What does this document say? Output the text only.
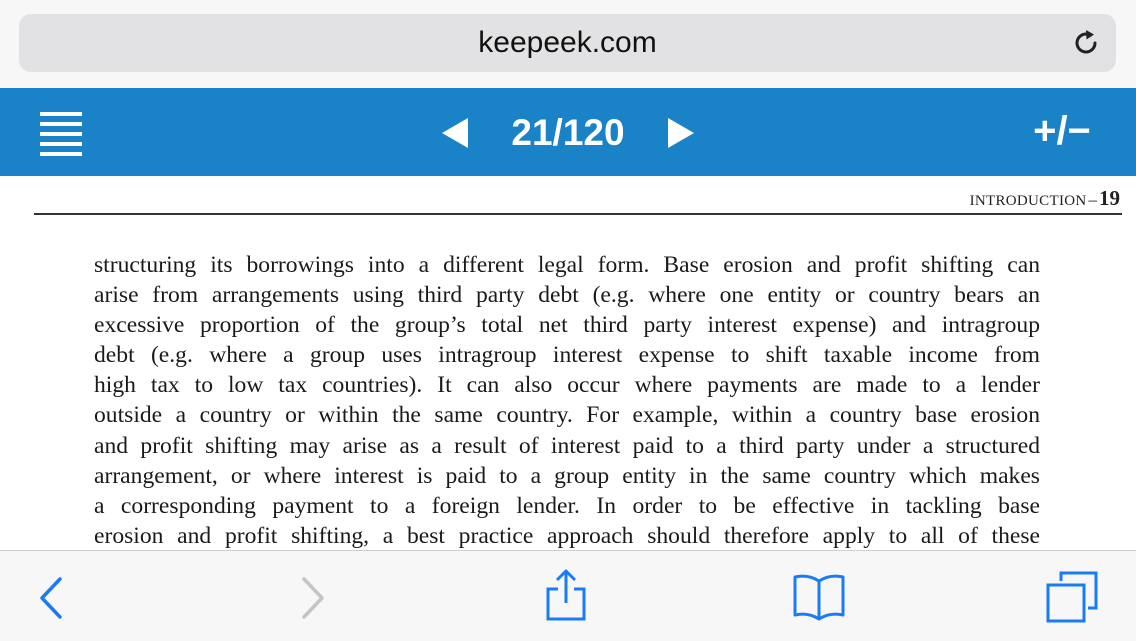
keepeek.com
21/120	+/−
INTRODUCTION –19

structuring its borrowings into a different legal form. Base erosion and profit shifting can
arise from arrangements using third party debt (e.g. where one entity or country bears an
excessive proportion of the group’s total net third party interest expense) and intragroup
debt (e.g. where a group uses intragroup interest expense to shift taxable income from
high tax to low tax countries). It can also occur where payments are made to a lender
outside a country or within the same country. For example, within a country base erosion
and profit shifting may arise as a result of interest paid to a third party under a structured
arrangement, or where interest is paid to a group entity in the same country which makes
a corresponding payment to a foreign lender. In order to be effective in tackling base
erosion and profit shifting, a best practice approach should therefore apply to all of these
